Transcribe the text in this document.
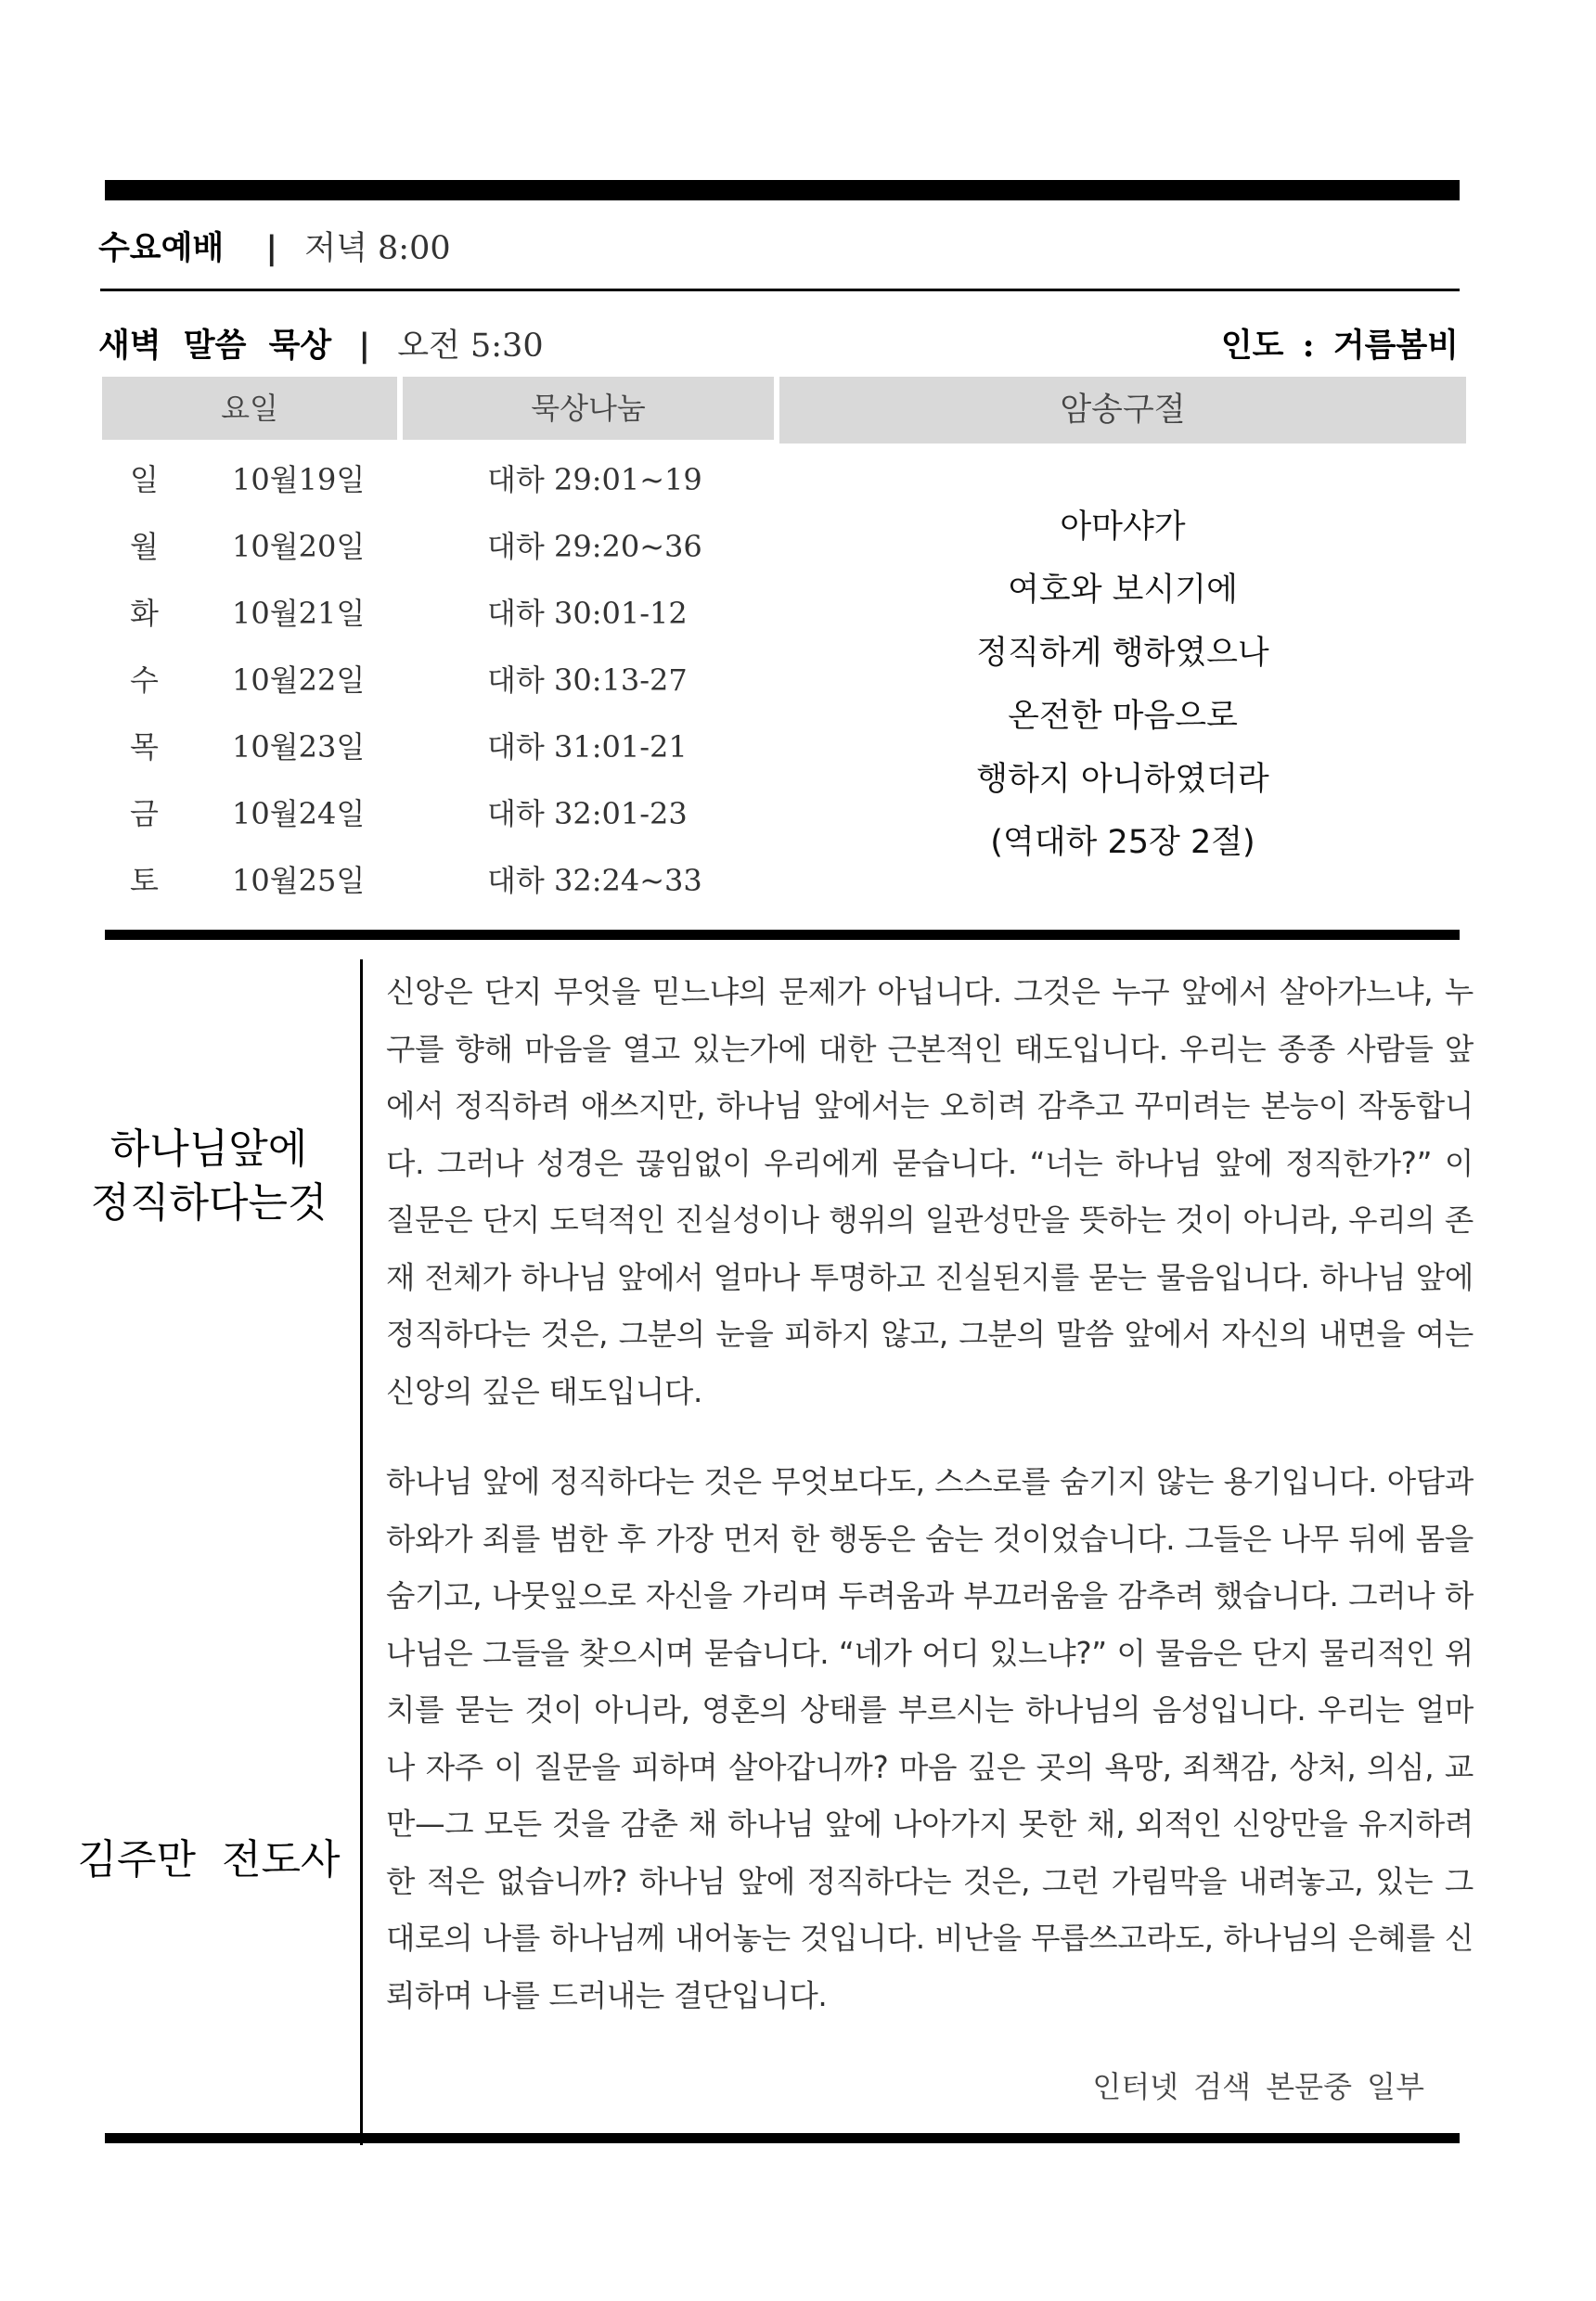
수요예배 | 저녁 8:00
새벽 말씀 묵상 | 오전 5:30	인도 : 거름봄비
요일	묵상나눔	암송구절
일	10월19일	대하 29:01~19
월	10월20일	대하 29:20~36
화	10월21일	대하 30:01-12
수	10월22일	대하 30:13-27
목	10월23일	대하 31:01-21
금	10월24일	대하 32:01-23
토	10월25일	대하 32:24~33
아마샤가
여호와 보시기에
정직하게 행하였으나
온전한 마음으로
행하지 아니하였더라
(역대하 25장 2절)
하나님앞에
정직하다는것
김주만 전도사

신앙은 단지 무엇을 믿느냐의 문제가 아닙니다. 그것은 누구 앞에서 살아가느냐, 누구를 향해 마음을 열고 있는가에 대한 근본적인 태도입니다. 우리는 종종 사람들 앞에서 정직하려 애쓰지만, 하나님 앞에서는 오히려 감추고 꾸미려는 본능이 작동합니다. 그러나 성경은 끊임없이 우리에게 묻습니다. “너는 하나님 앞에 정직한가?” 이 질문은 단지 도덕적인 진실성이나 행위의 일관성만을 뜻하는 것이 아니라, 우리의 존재 전체가 하나님 앞에서 얼마나 투명하고 진실된지를 묻는 물음입니다. 하나님 앞에 정직하다는 것은, 그분의 눈을 피하지 않고, 그분의 말씀 앞에서 자신의 내면을 여는 신앙의 깊은 태도입니다.

하나님 앞에 정직하다는 것은 무엇보다도, 스스로를 숨기지 않는 용기입니다. 아담과 하와가 죄를 범한 후 가장 먼저 한 행동은 숨는 것이었습니다. 그들은 나무 뒤에 몸을 숨기고, 나뭇잎으로 자신을 가리며 두려움과 부끄러움을 감추려 했습니다. 그러나 하나님은 그들을 찾으시며 묻습니다. “네가 어디 있느냐?” 이 물음은 단지 물리적인 위치를 묻는 것이 아니라, 영혼의 상태를 부르시는 하나님의 음성입니다. 우리는 얼마나 자주 이 질문을 피하며 살아갑니까? 마음 깊은 곳의 욕망, 죄책감, 상처, 의심, 교만—그 모든 것을 감춘 채 하나님 앞에 나아가지 못한 채, 외적인 신앙만을 유지하려 한 적은 없습니까? 하나님 앞에 정직하다는 것은, 그런 가림막을 내려놓고, 있는 그대로의 나를 하나님께 내어놓는 것입니다. 비난을 무릅쓰고라도, 하나님의 은혜를 신뢰하며 나를 드러내는 결단입니다.

인터넷 검색 본문중 일부
